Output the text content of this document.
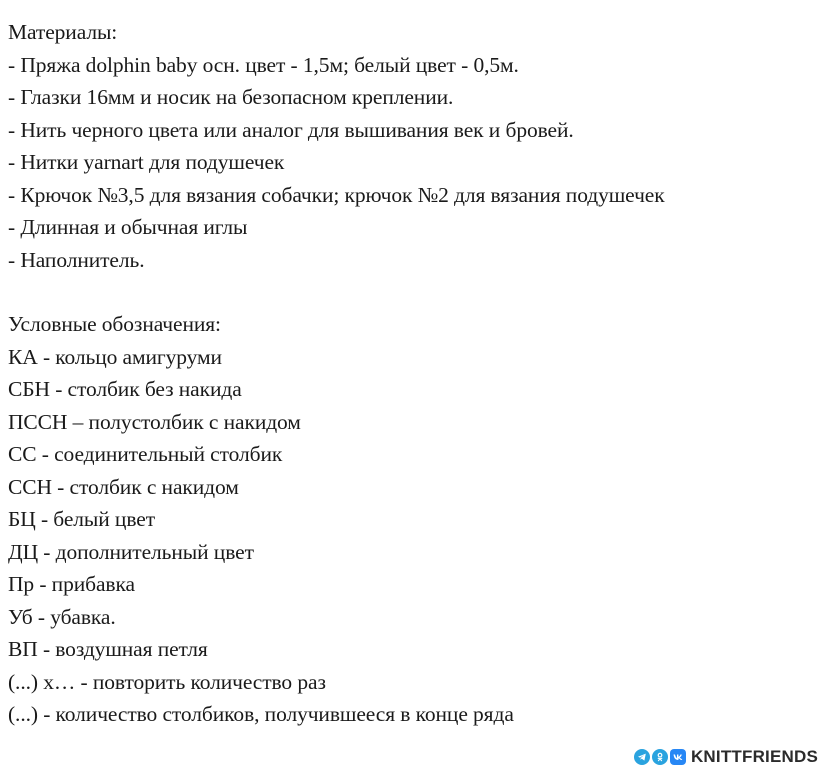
Материалы:
- Пряжа dolphin baby осн. цвет - 1,5м; белый цвет - 0,5м.
- Глазки 16мм и носик на безопасном креплении.
- Нить черного цвета или аналог для вышивания век и бровей.
- Нитки yarnart для подушечек
- Крючок №3,5 для вязания собачки; крючок №2 для вязания подушечек
- Длинная и обычная иглы
- Наполнитель.
Условные обозначения:
КА - кольцо амигуруми
СБН - столбик без накида
ПССН – полустолбик с накидом
СС - соединительный столбик
ССН - столбик с накидом
БЦ - белый цвет
ДЦ - дополнительный цвет
Пр - прибавка
Уб - убавка.
ВП - воздушная петля
(...) х… - повторить количество раз
(...) - количество столбиков, получившееся в конце ряда
KNITTFRIENDS
